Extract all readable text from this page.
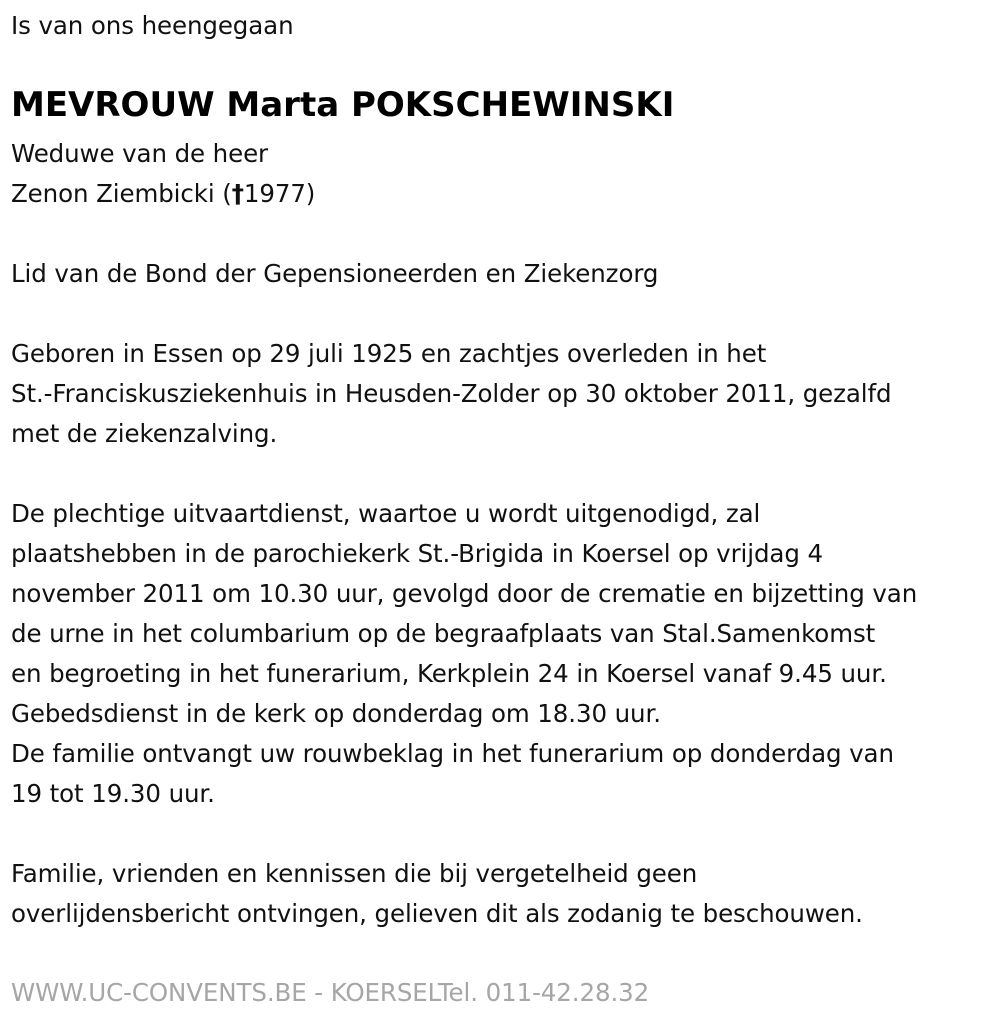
Is van ons heengegaan
MEVROUW Marta POKSCHEWINSKI
Weduwe van de heer
Zenon Ziembicki (†1977)
Lid van de Bond der Gepensioneerden en Ziekenzorg
Geboren in Essen op 29 juli 1925 en zachtjes overleden in het
St.-Franciskusziekenhuis in Heusden-Zolder op 30 oktober 2011, gezalfd
met de ziekenzalving.
De plechtige uitvaartdienst, waartoe u wordt uitgenodigd, zal
plaatshebben in de parochiekerk St.-Brigida in Koersel op vrijdag 4
november 2011 om 10.30 uur, gevolgd door de crematie en bijzetting van
de urne in het columbarium op de begraafplaats van Stal.Samenkomst
en begroeting in het funerarium, Kerkplein 24 in Koersel vanaf 9.45 uur.
Gebedsdienst in de kerk op donderdag om 18.30 uur.
De familie ontvangt uw rouwbeklag in het funerarium op donderdag van
19 tot 19.30 uur.
Familie, vrienden en kennissen die bij vergetelheid geen
overlijdensbericht ontvingen, gelieven dit als zodanig te beschouwen.
WWW.UC-CONVENTS.BE - KOERSELTel. 011-42.28.32
